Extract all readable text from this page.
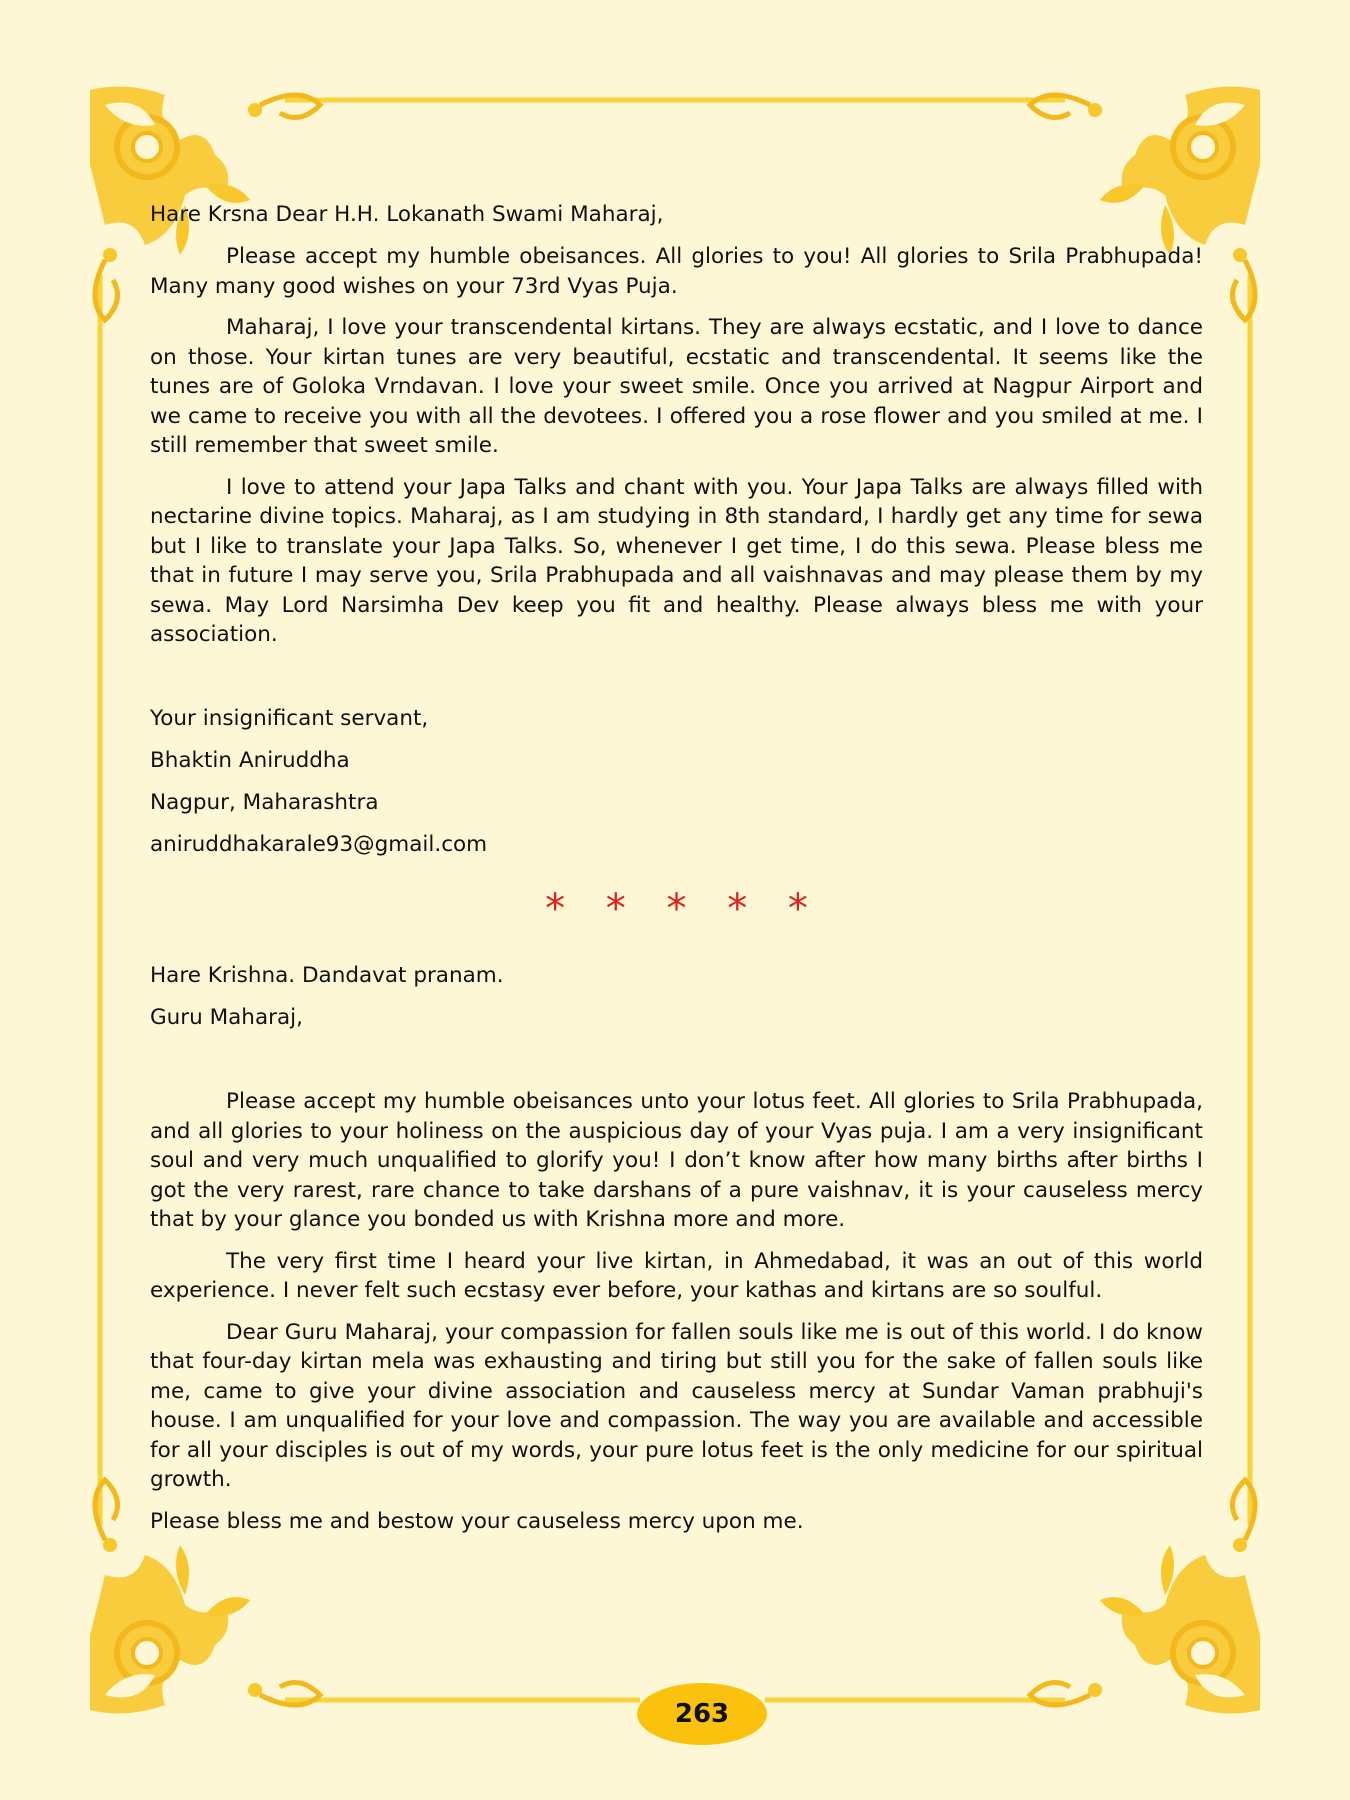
Hare Krsna Dear H.H. Lokanath Swami Maharaj,

Please accept my humble obeisances. All glories to you! All glories to Srila Prabhupada! Many many good wishes on your 73rd Vyas Puja.

Maharaj, I love your transcendental kirtans. They are always ecstatic, and I love to dance on those. Your kirtan tunes are very beautiful, ecstatic and transcendental. It seems like the tunes are of Goloka Vrndavan. I love your sweet smile. Once you arrived at Nagpur Airport and we came to receive you with all the devotees. I offered you a rose flower and you smiled at me. I still remember that sweet smile.

I love to attend your Japa Talks and chant with you. Your Japa Talks are always filled with nectarine divine topics. Maharaj, as I am studying in 8th standard, I hardly get any time for sewa but I like to translate your Japa Talks. So, whenever I get time, I do this sewa. Please bless me that in future I may serve you, Srila Prabhupada and all vaishnavas and may please them by my sewa. May Lord Narsimha Dev keep you fit and healthy. Please always bless me with your association.

Your insignificant servant,

Bhaktin Aniruddha

Nagpur, Maharashtra

aniruddhakarale93@gmail.com

* * * * *

Hare Krishna. Dandavat pranam.

Guru Maharaj,

Please accept my humble obeisances unto your lotus feet. All glories to Srila Prabhupada, and all glories to your holiness on the auspicious day of your Vyas puja. I am a very insignificant soul and very much unqualified to glorify you! I don’t know after how many births after births I got the very rarest, rare chance to take darshans of a pure vaishnav, it is your causeless mercy that by your glance you bonded us with Krishna more and more.

The very first time I heard your live kirtan, in Ahmedabad, it was an out of this world experience. I never felt such ecstasy ever before, your kathas and kirtans are so soulful.

Dear Guru Maharaj, your compassion for fallen souls like me is out of this world. I do know that four-day kirtan mela was exhausting and tiring but still you for the sake of fallen souls like me, came to give your divine association and causeless mercy at Sundar Vaman prabhuji's house. I am unqualified for your love and compassion. The way you are available and accessible for all your disciples is out of my words, your pure lotus feet is the only medicine for our spiritual growth.

Please bless me and bestow your causeless mercy upon me.

263
